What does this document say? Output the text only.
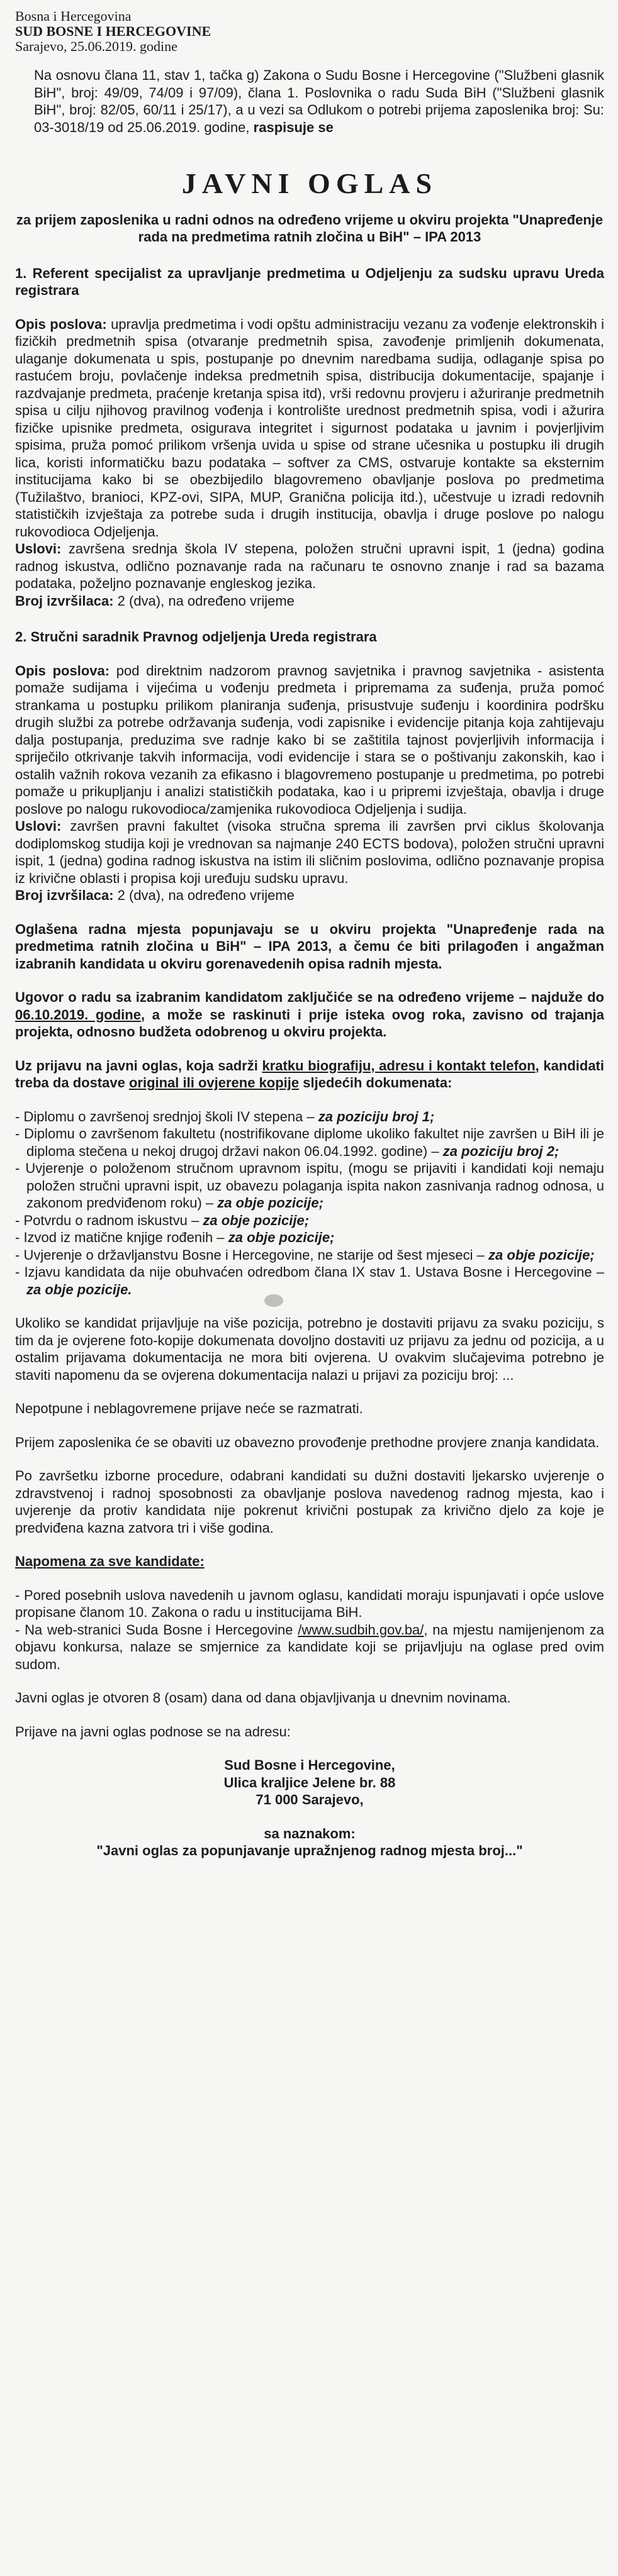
Bosna i Hercegovina
SUD BOSNE I HERCEGOVINE
Sarajevo, 25.06.2019. godine

Na osnovu člana 11, stav 1, tačka g) Zakona o Sudu Bosne i Hercegovine ("Službeni glasnik BiH", broj: 49/09, 74/09 i 97/09), člana 1. Poslovnika o radu Suda BiH ("Službeni glasnik BiH", broj: 82/05, 60/11 i 25/17), a u vezi sa Odlukom o potrebi prijema zaposlenika broj: Su: 03-3018/19 od 25.06.2019. godine, raspisuje se

JAVNI OGLAS

za prijem zaposlenika u radni odnos na određeno vrijeme u okviru projekta "Unapređenje rada na predmetima ratnih zločina u BiH" – IPA 2013

1. Referent specijalist za upravljanje predmetima u Odjeljenju za sudsku upravu Ureda registrara

Opis poslova: upravlja predmetima i vodi opštu administraciju vezanu za vođenje elektronskih i fizičkih predmetnih spisa (otvaranje predmetnih spisa, zavođenje primljenih dokumenata, ulaganje dokumenata u spis, postupanje po dnevnim naredbama sudija, odlaganje spisa po rastućem broju, povlačenje indeksa predmetnih spisa, distribucija dokumentacije, spajanje i razdvajanje predmeta, praćenje kretanja spisa itd), vrši redovnu provjeru i ažuriranje predmetnih spisa u cilju njihovog pravilnog vođenja i kontrolište urednost predmetnih spisa, vodi i ažurira fizičke upisnike predmeta, osigurava integritet i sigurnost podataka u javnim i povjerljivim spisima, pruža pomoć prilikom vršenja uvida u spise od strane učesnika u postupku ili drugih lica, koristi informatičku bazu podataka – softver za CMS, ostvaruje kontakte sa eksternim institucijama kako bi se obezbijedilo blagovremeno obavljanje poslova po predmetima (Tužilaštvo, branioci, KPZ-ovi, SIPA, MUP, Granična policija itd.), učestvuje u izradi redovnih statističkih izvještaja za potrebe suda i drugih institucija, obavlja i druge poslove po nalogu rukovodioca Odjeljenja.

Uslovi: završena srednja škola IV stepena, položen stručni upravni ispit, 1 (jedna) godina radnog iskustva, odlično poznavanje rada na računaru te osnovno znanje i rad sa bazama podataka, poželjno poznavanje engleskog jezika.

Broj izvršilaca: 2 (dva), na određeno vrijeme

2. Stručni saradnik Pravnog odjeljenja Ureda registrara

Opis poslova: pod direktnim nadzorom pravnog savjetnika i pravnog savjetnika - asistenta pomaže sudijama i vijećima u vođenju predmeta i pripremama za suđenja, pruža pomoć strankama u postupku prilikom planiranja suđenja, prisustvuje suđenju i koordinira podršku drugih službi za potrebe održavanja suđenja, vodi zapisnike i evidencije pitanja koja zahtijevaju dalja postupanja, preduzima sve radnje kako bi se zaštitila tajnost povjerljivih informacija i spriječilo otkrivanje takvih informacija, vodi evidencije i stara se o poštivanju zakonskih, kao i ostalih važnih rokova vezanih za efikasno i blagovremeno postupanje u predmetima, po potrebi pomaže u prikupljanju i analizi statističkih podataka, kao i u pripremi izvještaja, obavlja i druge poslove po nalogu rukovodioca/zamjenika rukovodioca Odjeljenja i sudija.

Uslovi: završen pravni fakultet (visoka stručna sprema ili završen prvi ciklus školovanja dodiplomskog studija koji je vrednovan sa najmanje 240 ECTS bodova), položen stručni upravni ispit, 1 (jedna) godina radnog iskustva na istim ili sličnim poslovima, odlično poznavanje propisa iz krivične oblasti i propisa koji uređuju sudsku upravu.

Broj izvršilaca: 2 (dva), na određeno vrijeme

Oglašena radna mjesta popunjavaju se u okviru projekta "Unapređenje rada na predmetima ratnih zločina u BiH" – IPA 2013, a čemu će biti prilagođen i angažman izabranih kandidata u okviru gorenavedenih opisa radnih mjesta.

Ugovor o radu sa izabranim kandidatom zaključiće se na određeno vrijeme – najduže do 06.10.2019. godine, a može se raskinuti i prije isteka ovog roka, zavisno od trajanja projekta, odnosno budžeta odobrenog u okviru projekta.

Uz prijavu na javni oglas, koja sadrži kratku biografiju, adresu i kontakt telefon, kandidati treba da dostave original ili ovjerene kopije sljedećih dokumenata:

- Diplomu o završenoj srednjoj školi IV stepena – za poziciju broj 1;
- Diplomu o završenom fakultetu (nostrifikovane diplome ukoliko fakultet nije završen u BiH ili je diploma stečena u nekoj drugoj državi nakon 06.04.1992. godine) – za poziciju broj 2;
- Uvjerenje o položenom stručnom upravnom ispitu, (mogu se prijaviti i kandidati koji nemaju položen stručni upravni ispit, uz obavezu polaganja ispita nakon zasnivanja radnog odnosa, u zakonom predviđenom roku) – za obje pozicije;
- Potvrdu o radnom iskustvu – za obje pozicije;
- Izvod iz matične knjige rođenih – za obje pozicije;
- Uvjerenje o državljanstvu Bosne i Hercegovine, ne starije od šest mjeseci – za obje pozicije;
- Izjavu kandidata da nije obuhvaćen odredbom člana IX stav 1. Ustava Bosne i Hercegovine – za obje pozicije.

Ukoliko se kandidat prijavljuje na više pozicija, potrebno je dostaviti prijavu za svaku poziciju, s tim da je ovjerene foto-kopije dokumenata dovoljno dostaviti uz prijavu za jednu od pozicija, a u ostalim prijavama dokumentacija ne mora biti ovjerena. U ovakvim slučajevima potrebno je staviti napomenu da se ovjerena dokumentacija nalazi u prijavi za poziciju broj: ...

Nepotpune i neblagovremene prijave neće se razmatrati.

Prijem zaposlenika će se obaviti uz obavezno provođenje prethodne provjere znanja kandidata.

Po završetku izborne procedure, odabrani kandidati su dužni dostaviti ljekarsko uvjerenje o zdravstvenoj i radnoj sposobnosti za obavljanje poslova navedenog radnog mjesta, kao i uvjerenje da protiv kandidata nije pokrenut krivični postupak za krivično djelo za koje je predviđena kazna zatvora tri i više godina.

Napomena za sve kandidate:

- Pored posebnih uslova navedenih u javnom oglasu, kandidati moraju ispunjavati i opće uslove propisane članom 10. Zakona o radu u institucijama BiH.

- Na web-stranici Suda Bosne i Hercegovine /www.sudbih.gov.ba/, na mjestu namijenjenom za objavu konkursa, nalaze se smjernice za kandidate koji se prijavljuju na oglase pred ovim sudom.

Javni oglas je otvoren 8 (osam) dana od dana objavljivanja u dnevnim novinama.

Prijave na javni oglas podnose se na adresu:

Sud Bosne i Hercegovine,
Ulica kraljice Jelene br. 88
71 000 Sarajevo,
sa naznakom:
"Javni oglas za popunjavanje upražnjenog radnog mjesta broj..."
